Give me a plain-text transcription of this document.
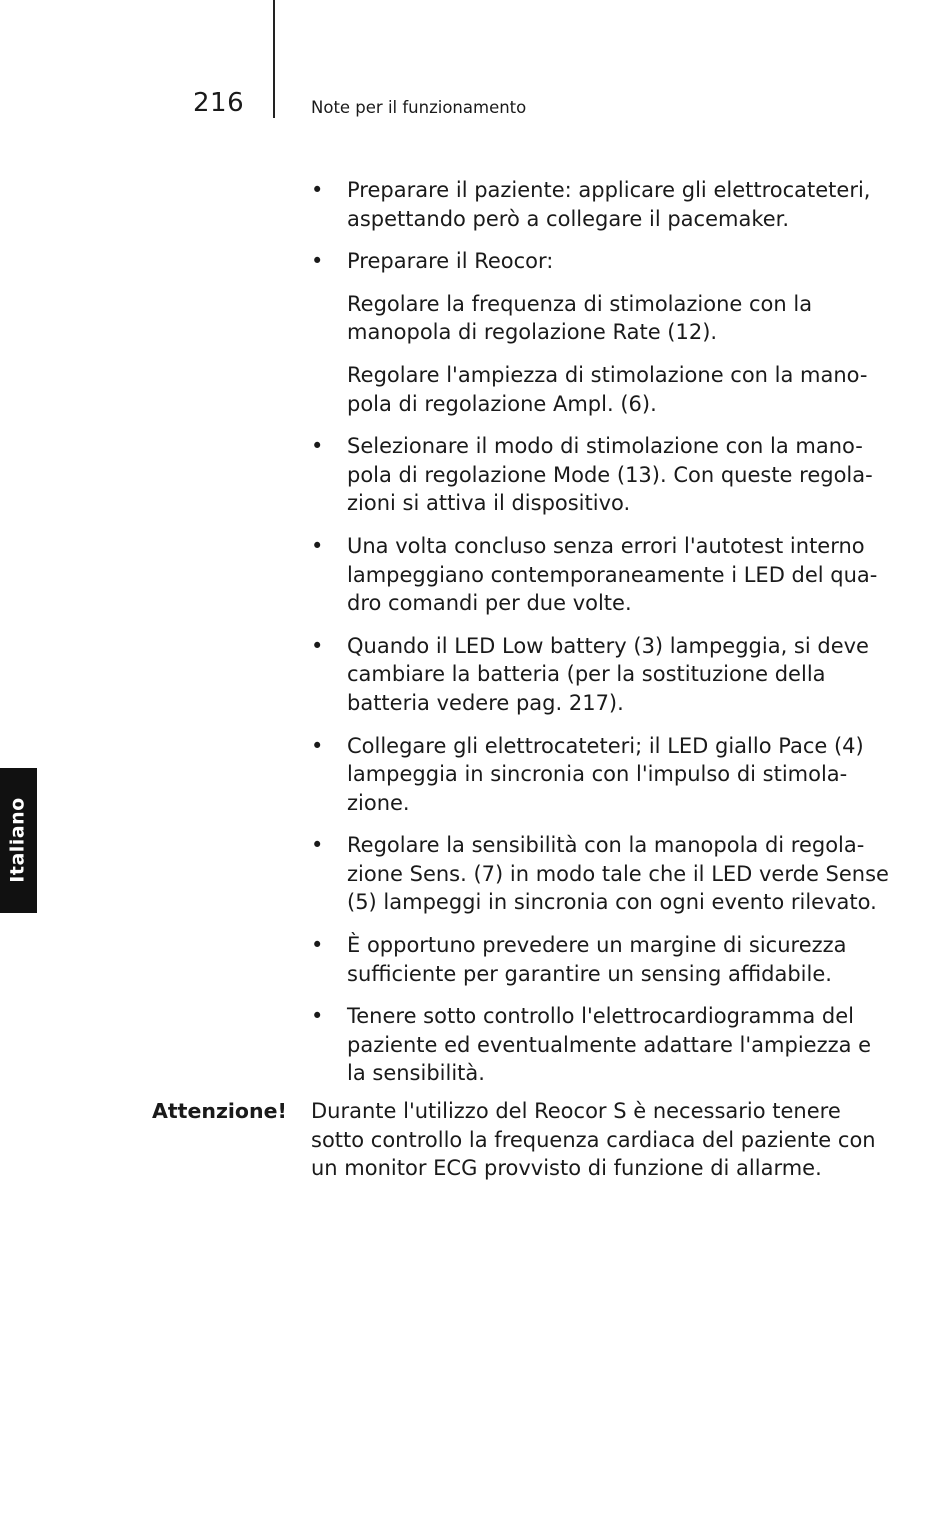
216	Note per il funzionamento
Italiano
• Preparare il paziente: applicare gli elettrocateteri,
aspettando però a collegare il pacemaker.
• Preparare il Reocor:
Regolare la frequenza di stimolazione con la
manopola di regolazione Rate (12).
Regolare l'ampiezza di stimolazione con la mano-
pola di regolazione Ampl. (6).
• Selezionare il modo di stimolazione con la mano-
pola di regolazione Mode (13). Con queste regola-
zioni si attiva il dispositivo.
• Una volta concluso senza errori l'autotest interno
lampeggiano contemporaneamente i LED del qua-
dro comandi per due volte.
• Quando il LED Low battery (3) lampeggia, si deve
cambiare la batteria (per la sostituzione della
batteria vedere pag. 217).
• Collegare gli elettrocateteri; il LED giallo Pace (4)
lampeggia in sincronia con l'impulso di stimola-
zione.
• Regolare la sensibilità con la manopola di regola-
zione Sens. (7) in modo tale che il LED verde Sense
(5) lampeggi in sincronia con ogni evento rilevato.
• È opportuno prevedere un margine di sicurezza
sufficiente per garantire un sensing affidabile.
• Tenere sotto controllo l'elettrocardiogramma del
paziente ed eventualmente adattare l'ampiezza e
la sensibilità.
Attenzione! Durante l'utilizzo del Reocor S è necessario tenere
sotto controllo la frequenza cardiaca del paziente con
un monitor ECG provvisto di funzione di allarme.
